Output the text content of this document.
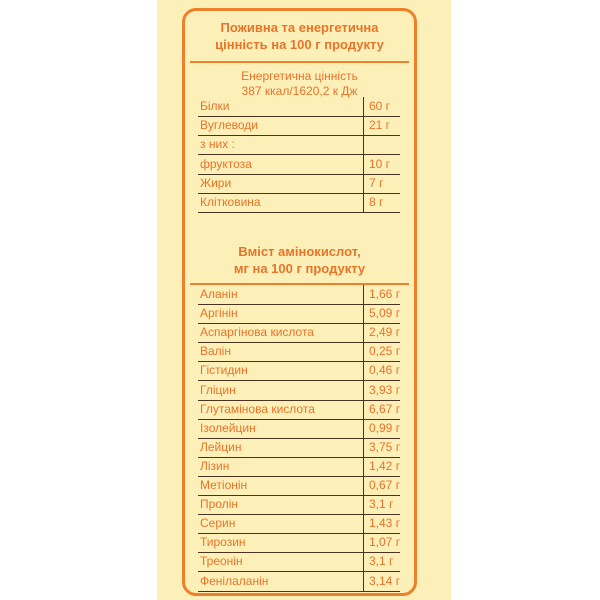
Поживна та енергетична
цінність на 100 г продукту
Енергетична цінність
387 ккал/1620,2 к Дж
Білки	60 г
Вуглеводи	21 г
з них :
фруктоза	10 г
Жири	7 г
Клітковина	8 г
Вміст амінокислот,
мг на 100 г продукту
Аланін	1,66 г
Аргінін	5,09 г
Аспаргінова кислота	2,49 г
Валін	0,25 г
Гістидин	0,46 г
Гліцин	3,93 г
Глутамінова кислота	6,67 г
Ізолейцин	0,99 г
Лейцин	3,75 г
Лізин	1,42 г
Метіонін	0,67 г
Пролін	3,1 г
Серин	1,43 г
Тирозин	1,07 г
Треонін	3,1 г
Фенілаланін	3,14 г
